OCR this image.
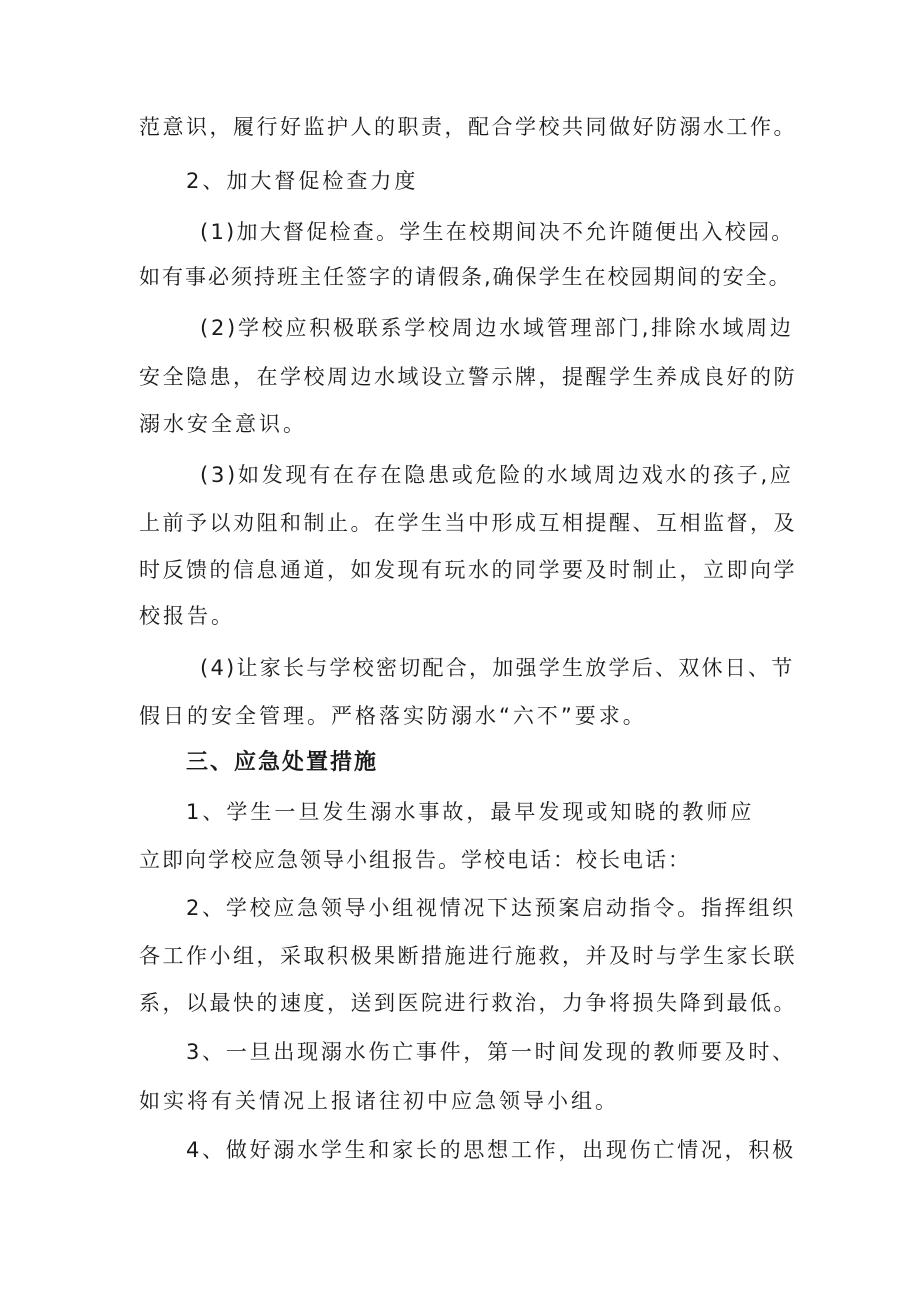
范意识，履行好监护人的职责，配合学校共同做好防溺水工作。
2、加大督促检查力度
(1)加大督促检查。学生在校期间决不允许随便出入校园。
如有事必须持班主任签字的请假条,确保学生在校园期间的安全。
(2)学校应积极联系学校周边水域管理部门,排除水域周边
安全隐患，在学校周边水域设立警示牌，提醒学生养成良好的防
溺水安全意识。
(3)如发现有在存在隐患或危险的水域周边戏水的孩子,应
上前予以劝阻和制止。在学生当中形成互相提醒、互相监督，及
时反馈的信息通道，如发现有玩水的同学要及时制止，立即向学
校报告。
(4)让家长与学校密切配合，加强学生放学后、双休日、节
假日的安全管理。严格落实防溺水“六不”要求。
三、应急处置措施
1、学生一旦发生溺水事故，最早发现或知晓的教师应
立即向学校应急领导小组报告。学校电话：校长电话：
2、学校应急领导小组视情况下达预案启动指令。指挥组织
各工作小组，采取积极果断措施进行施救，并及时与学生家长联
系，以最快的速度，送到医院进行救治，力争将损失降到最低。
3、一旦出现溺水伤亡事件，第一时间发现的教师要及时、
如实将有关情况上报诸往初中应急领导小组。
4、做好溺水学生和家长的思想工作，出现伤亡情况，积极
